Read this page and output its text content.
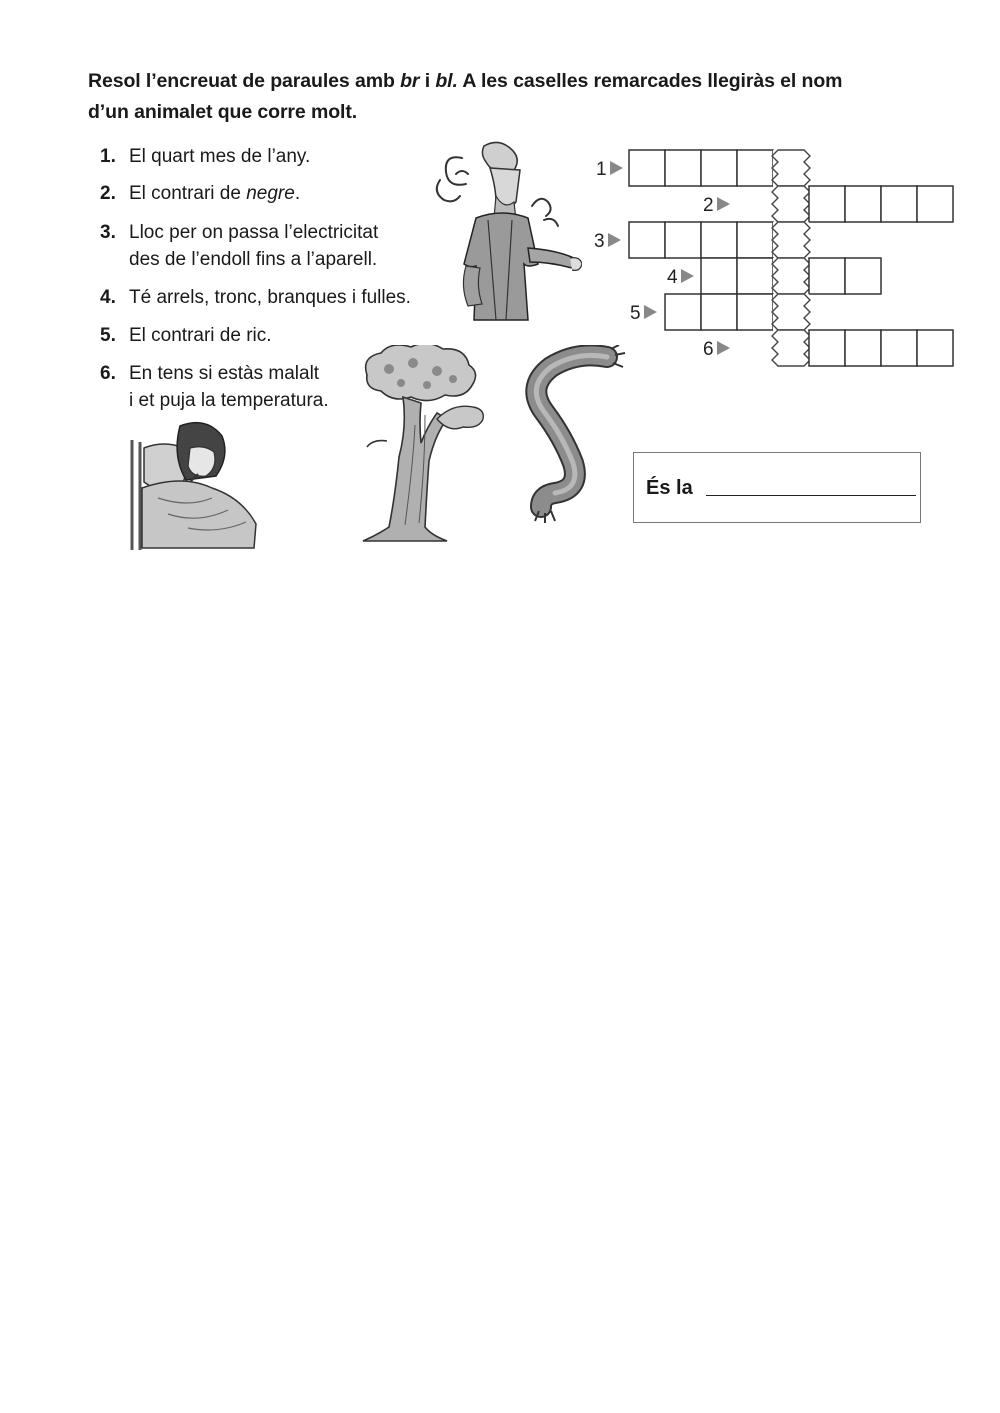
Resol l’encreuat de paraules amb br i bl. A les caselles remarcades llegiràs el nom
d’un animalet que corre molt.
1. El quart mes de l’any.
2. El contrari de negre.
3. Lloc per on passa l’electricitat
des de l’endoll fins a l’aparell.
4. Té arrels, tronc, branques i fulles.
5. El contrari de ric.
6. En tens si estàs malalt
i et puja la temperatura.
1
2
3
4
5
6
És la
